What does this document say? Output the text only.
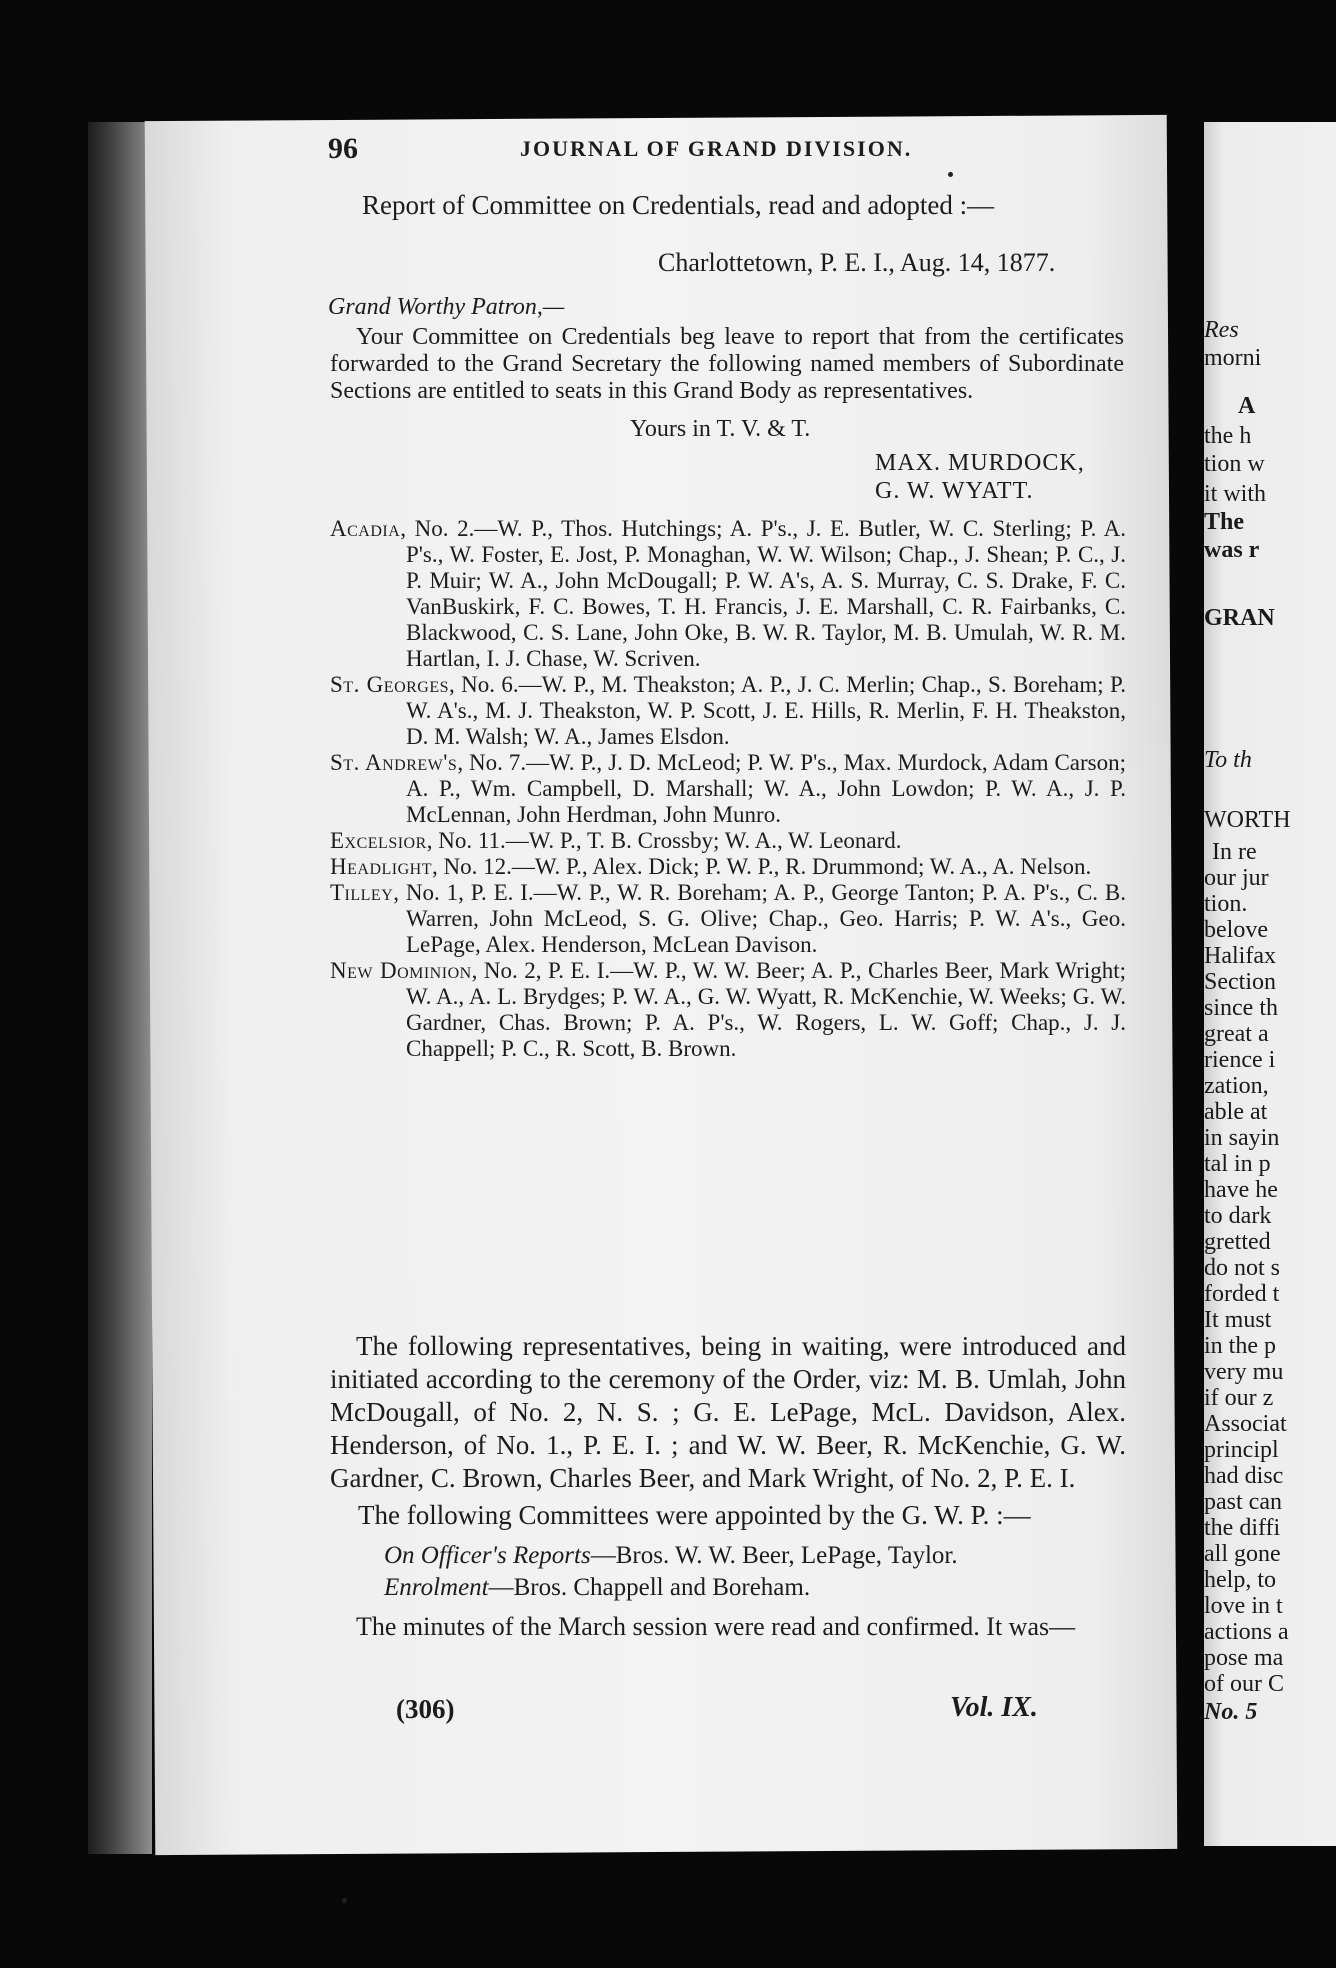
Res
morni
A
the h
tion w
it with
The
was r
GRAN
To th
WORTH
In re
our jur
tion.
belove
Halifax
Section
since th
great a
rience i
zation,
able at
in sayin
tal in p
have he
to dark
gretted
do not s
forded t
It must
in the p
very mu
if our z
Associat
principl
had disc
past can
the diffi
all gone
help, to
love in t
actions a
pose ma
of our C
No. 5
96	JOURNAL OF GRAND DIVISION.
Report of Committee on Credentials, read and adopted :—
Charlottetown, P. E. I., Aug. 14, 1877.
Grand Worthy Patron,—
Your Committee on Credentials beg leave to report that from the certificates forwarded to the Grand Secretary the following named members of Subordinate Sections are entitled to seats in this Grand Body as representatives.
Yours in T. V. & T.
MAX. MURDOCK,
G. W. WYATT.

Acadia, No. 2.—W. P., Thos. Hutchings; A. P's., J. E. Butler, W. C. Sterling; P. A. P's., W. Foster, E. Jost, P. Monaghan, W. W. Wilson; Chap., J. Shean; P. C., J. P. Muir; W. A., John McDougall; P. W. A's, A. S. Murray, C. S. Drake, F. C. VanBuskirk, F. C. Bowes, T. H. Francis, J. E. Marshall, C. R. Fairbanks, C. Blackwood, C. S. Lane, John Oke, B. W. R. Taylor, M. B. Umulah, W. R. M. Hartlan, I. J. Chase, W. Scriven.

St. Georges, No. 6.—W. P., M. Theakston; A. P., J. C. Merlin; Chap., S. Boreham; P. W. A's., M. J. Theakston, W. P. Scott, J. E. Hills, R. Merlin, F. H. Theakston, D. M. Walsh; W. A., James Elsdon.

St. Andrew's, No. 7.—W. P., J. D. McLeod; P. W. P's., Max. Murdock, Adam Carson; A. P., Wm. Campbell, D. Marshall; W. A., John Lowdon; P. W. A., J. P. McLennan, John Herdman, John Munro.

Excelsior, No. 11.—W. P., T. B. Crossby; W. A., W. Leonard.

Headlight, No. 12.—W. P., Alex. Dick; P. W. P., R. Drummond; W. A., A. Nelson.

Tilley, No. 1, P. E. I.—W. P., W. R. Boreham; A. P., George Tanton; P. A. P's., C. B. Warren, John McLeod, S. G. Olive; Chap., Geo. Harris; P. W. A's., Geo. LePage, Alex. Henderson, McLean Davison.

New Dominion, No. 2, P. E. I.—W. P., W. W. Beer; A. P., Charles Beer, Mark Wright; W. A., A. L. Brydges; P. W. A., G. W. Wyatt, R. McKenchie, W. Weeks; G. W. Gardner, Chas. Brown; P. A. P's., W. Rogers, L. W. Goff; Chap., J. J. Chappell; P. C., R. Scott, B. Brown.

The following representatives, being in waiting, were introduced and initiated according to the ceremony of the Order, viz: M. B. Umlah, John McDougall, of No. 2, N. S. ; G. E. LePage, McL. Davidson, Alex. Henderson, of No. 1., P. E. I. ; and W. W. Beer, R. McKenchie, G. W. Gardner, C. Brown, Charles Beer, and Mark Wright, of No. 2, P. E. I.
The following Committees were appointed by the G. W. P. :—
On Officer's Reports—Bros. W. W. Beer, LePage, Taylor.
Enrolment—Bros. Chappell and Boreham.
The minutes of the March session were read and confirmed. It was—
(306)	Vol. IX.
